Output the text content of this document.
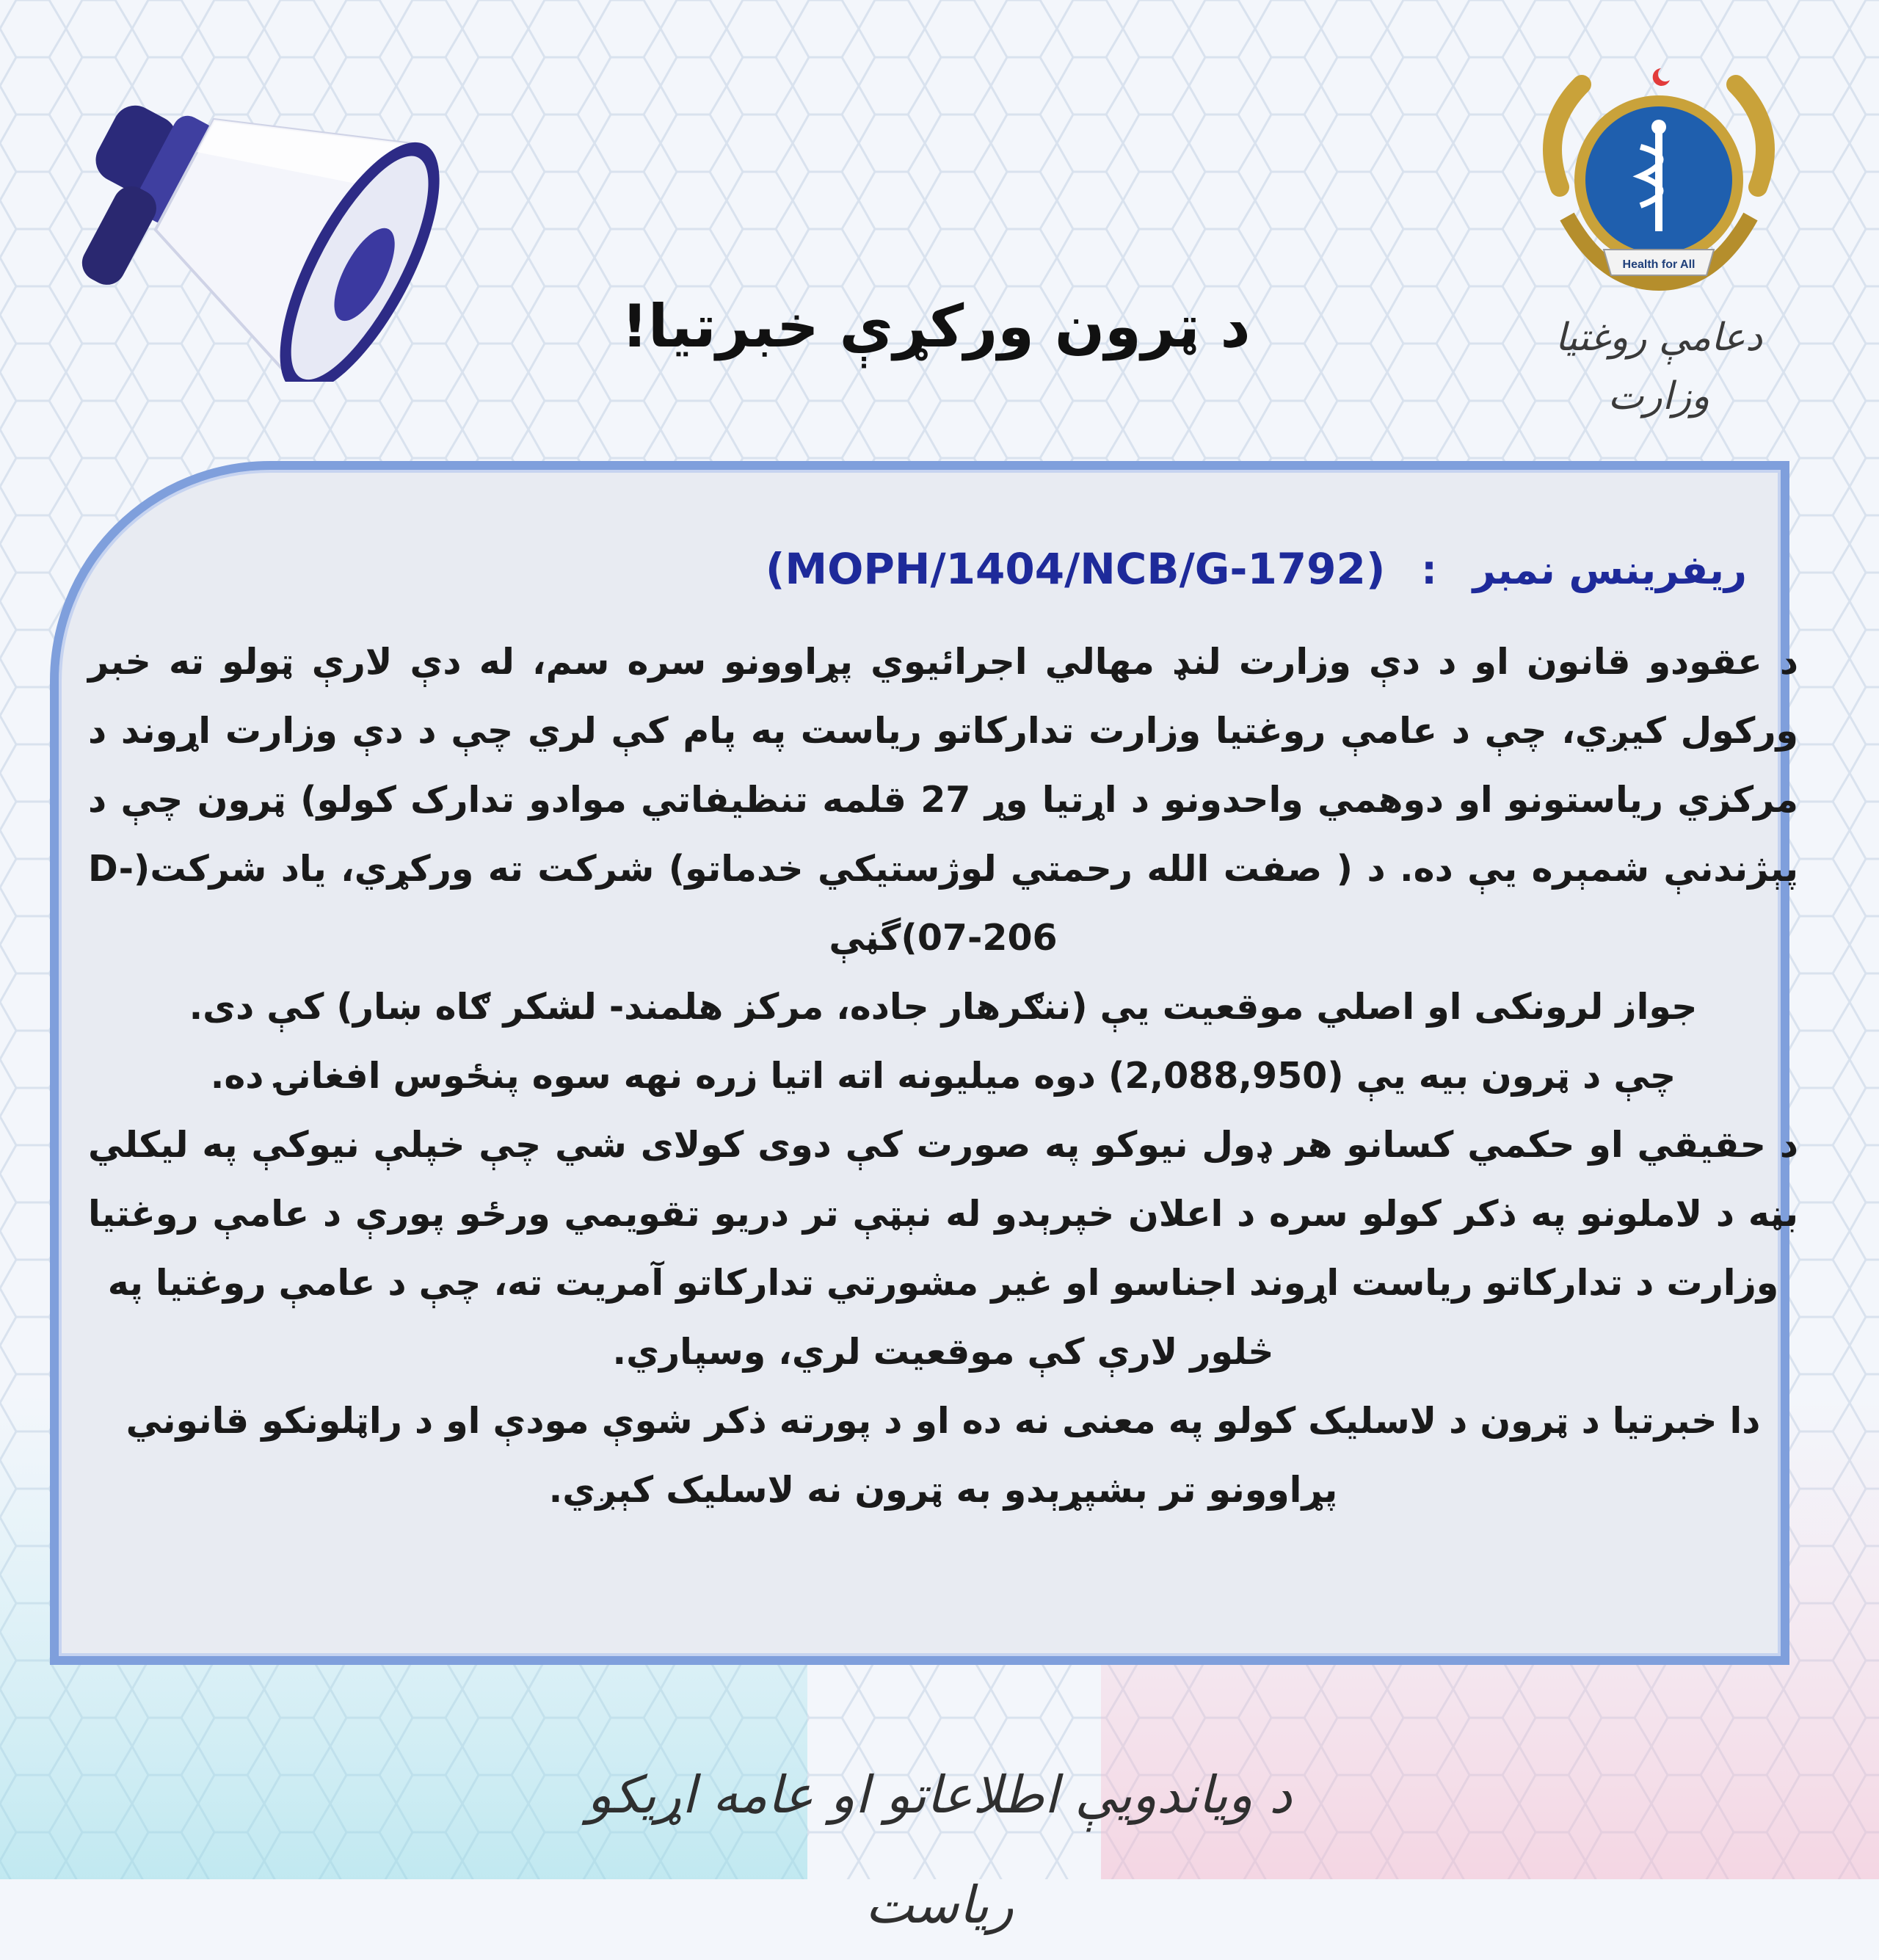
Health for All
دعامې روغتيا وزارت
د ټرون ورکړې خبرتیا!
ریفرینس نمبر : (MOPH/1404/NCB/G-1792)

د عقودو قانون او د دې وزارت لنډ مهالي اجرائیوي پړاوونو سره سم، له دې لارې ټولو ته خبر ورکول کیږي، چې د عامې روغتیا وزارت تدارکاتو ریاست په پام کې لري چې د دې وزارت اړوند د مرکزي ریاستونو او دوهمي واحدونو د اړتیا وړ 27 قلمه تنظیفاتي موادو تدارک کولو) ټرون چې د پېژندنې شمېره یې ده. د ( صفت الله رحمتي لوژستیکي خدماتو) شرکت ته ورکړي، یاد شرکت(D-07-206)گڼې

جواز لرونکی او اصلي موقعیت یې (ننګرهار جاده، مرکز هلمند- لشکر ګاه ښار) کې دی.

چې د ټرون بیه یې (2,088,950) دوه میلیونه اته اتیا زره نهه سوه پنځوس افغانۍ ده.

د حقیقي او حکمي کسانو هر ډول نیوکو په صورت کې دوی کولای شي چې خپلې نیوکې په لیکلي بڼه د لاملونو په ذکر کولو سره د اعلان خپرېدو له نېټې تر دریو تقویمي ورځو پورې د عامې روغتیا وزارت د تدارکاتو ریاست اړوند اجناسو او غیر مشورتي تدارکاتو آمریت ته، چې د عامې روغتیا په

څلور لارې کې موقعیت لري، وسپاري.

دا خبرتیا د ټرون د لاسلیک کولو په معنی نه ده او د پورته ذکر شوې مودې او د راټلونکو قانوني

پړاوونو تر بشپړېدو به ټرون نه لاسلیک کېږي.

د ویاندویې اطلاعاتو او عامه اړیکو ریاست
